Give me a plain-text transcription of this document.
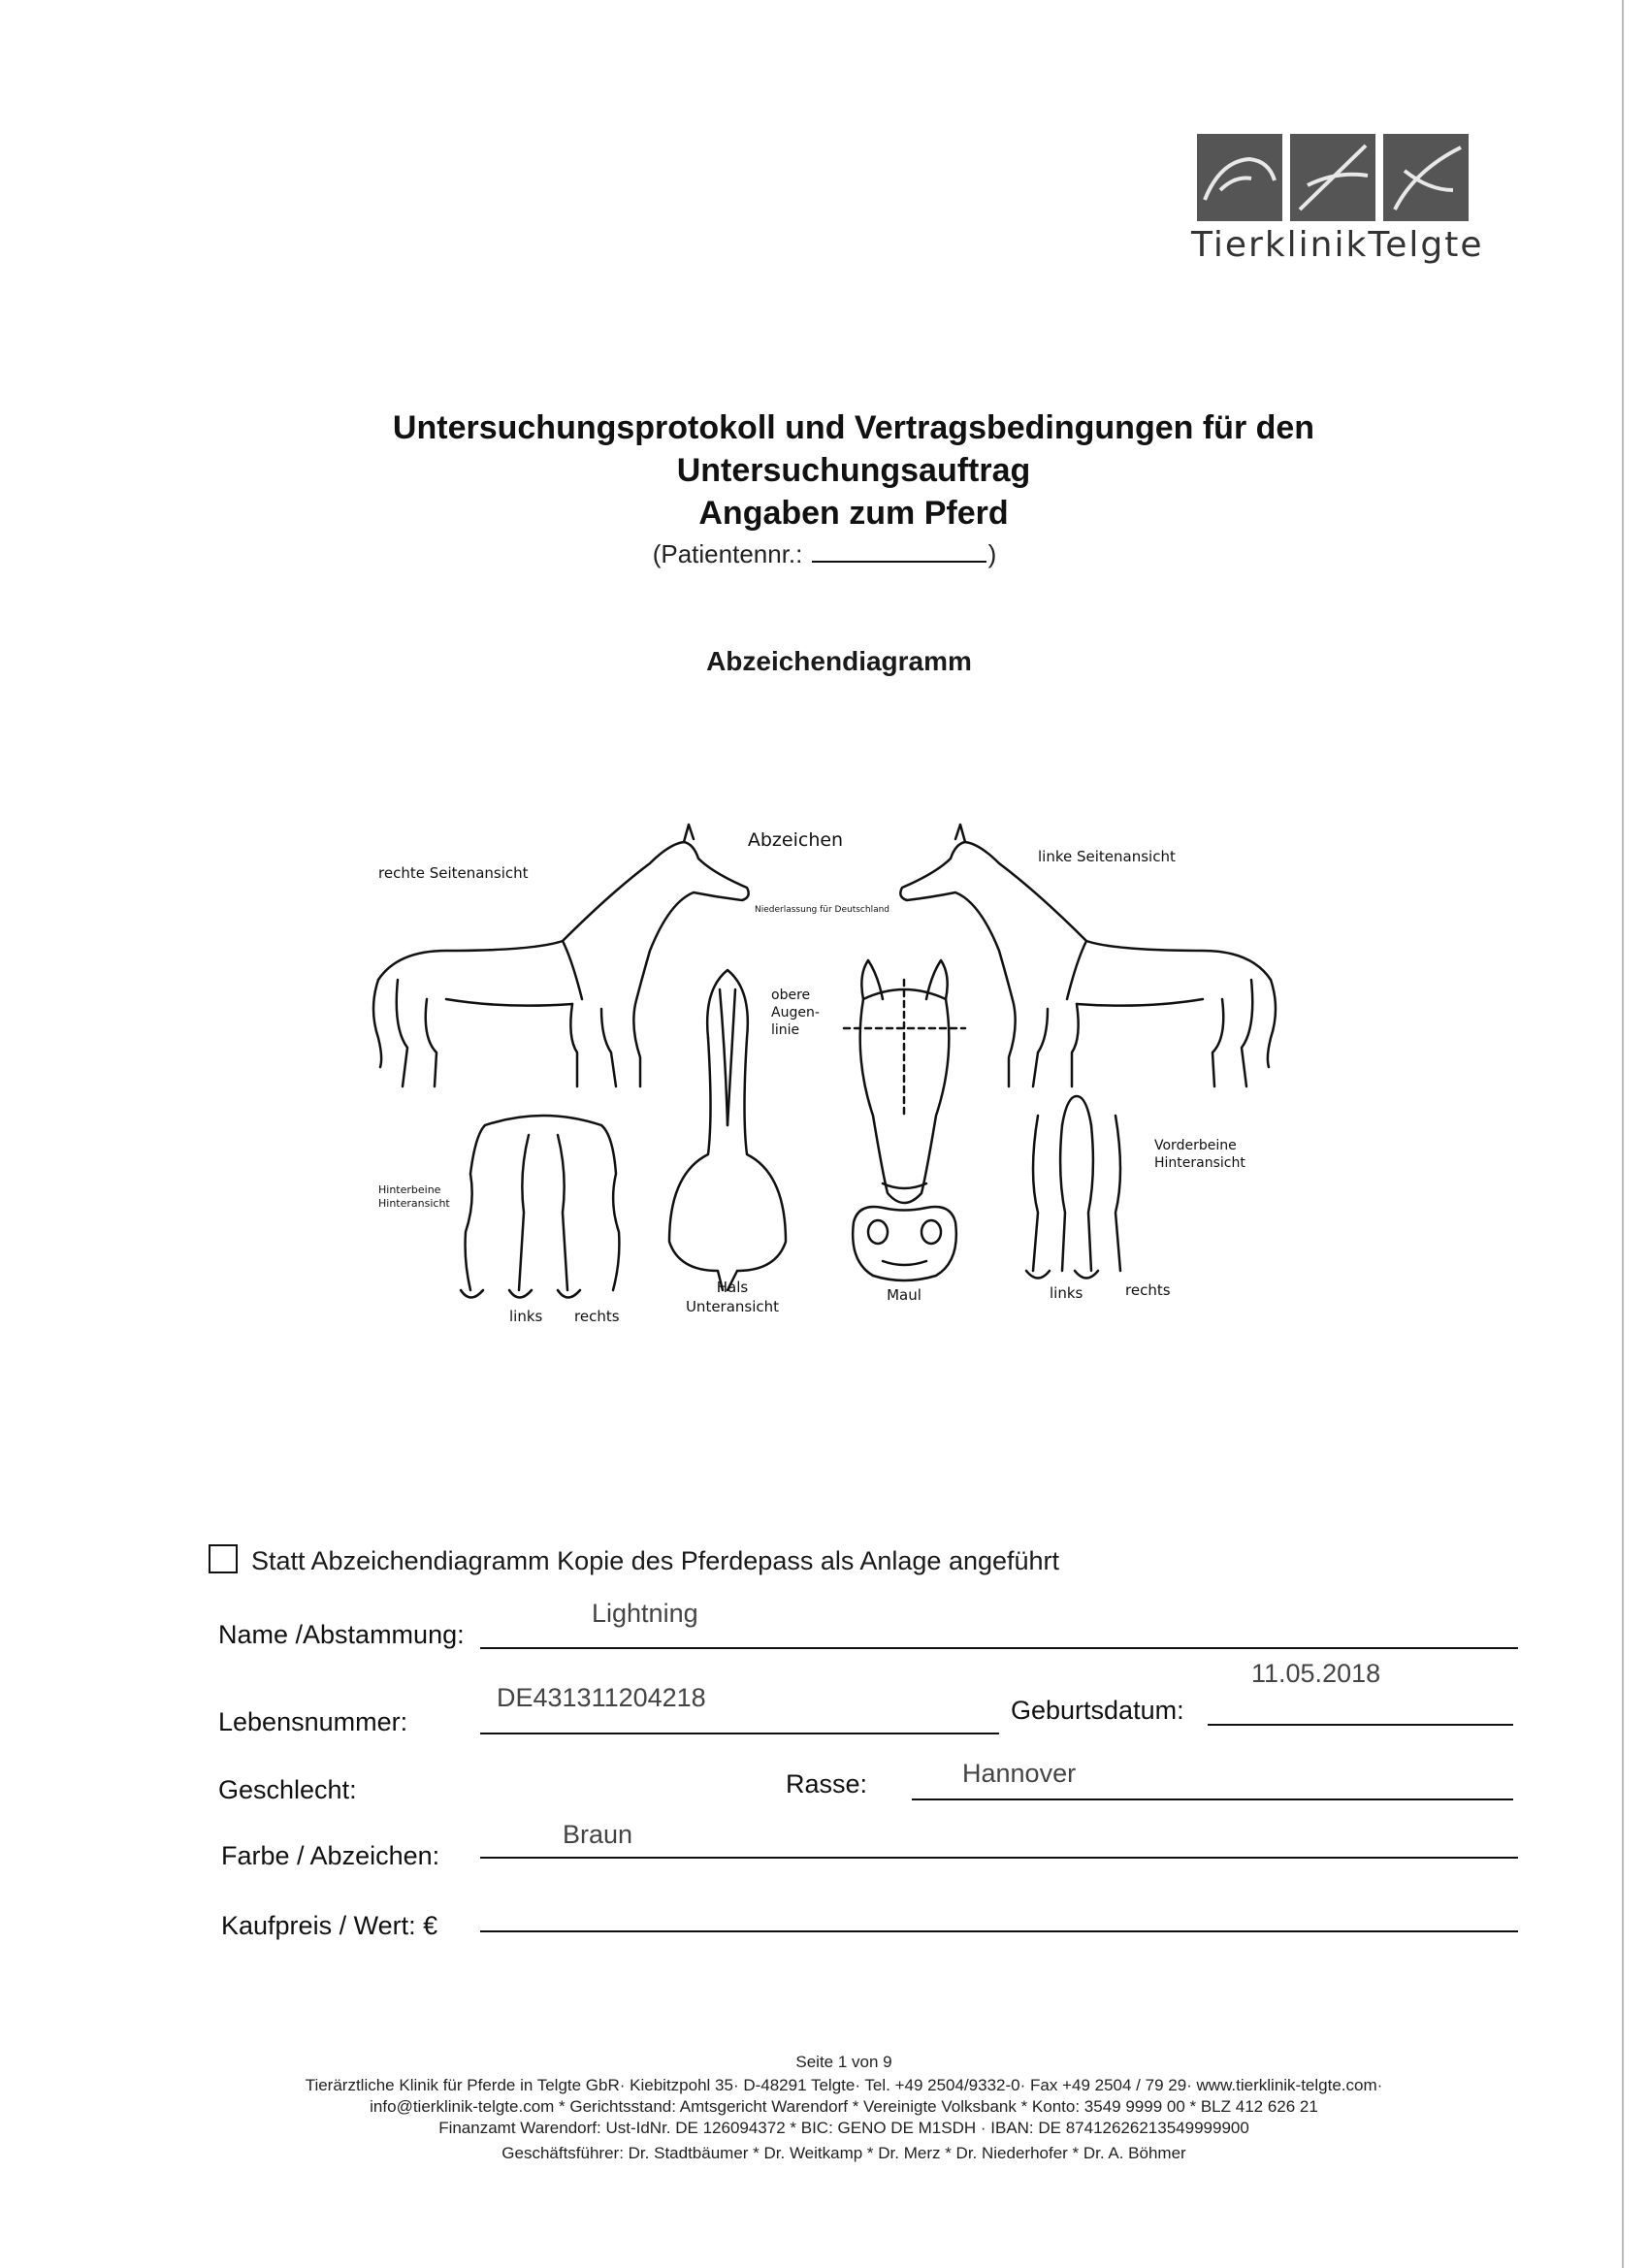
TierklinikTelgte
Untersuchungsprotokoll und Vertragsbedingungen für den
Untersuchungsauftrag
Angaben zum Pferd
(Patientennr.:	)
Abzeichendiagramm
Abzeichen
rechte Seitenansicht
linke Seitenansicht
Niederlassung für Deutschland
obere
Augen-
linie
Hinterbeine
Hinteransicht
Vorderbeine
Hinteransicht
Hals
Unteransicht
Maul
links rechts
links	rechts
Statt Abzeichendiagramm Kopie des Pferdepass als Anlage angeführt
Name /Abstammung:
Lightning
Lebensnummer:
DE431311204218	Geburtsdatum:
11.05.2018
Geschlecht:	Rasse:	Hannover
Farbe / Abzeichen:
Braun
Kaufpreis / Wert: €
Seite 1 von 9
Tierärztliche Klinik für Pferde in Telgte GbR· Kiebitzpohl 35· D-48291 Telgte· Tel. +49 2504/9332-0· Fax +49 2504 / 79 29· www.tierklinik-telgte.com·
info@tierklinik-telgte.com * Gerichtsstand: Amtsgericht Warendorf * Vereinigte Volksbank * Konto: 3549 9999 00 * BLZ 412 626 21
Finanzamt Warendorf: Ust-IdNr. DE 126094372 * BIC: GENO DE M1SDH · IBAN: DE 87412626213549999900
Geschäftsführer: Dr. Stadtbäumer * Dr. Weitkamp * Dr. Merz * Dr. Niederhofer * Dr. A. Böhmer
